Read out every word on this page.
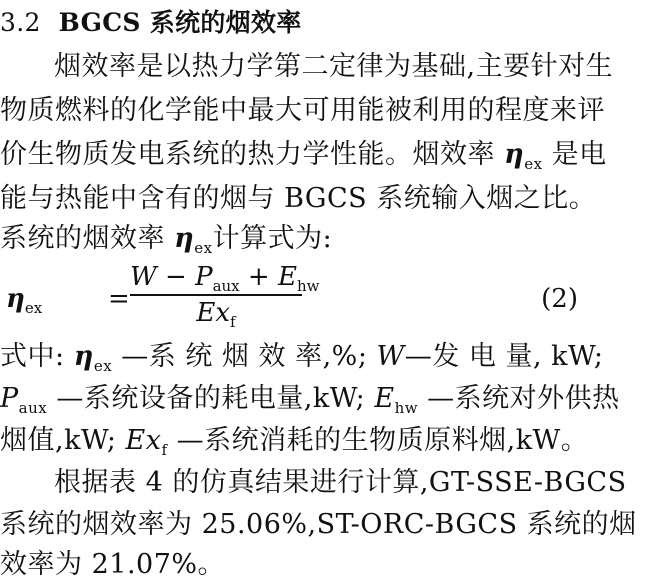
3.2 BGCS 系统的烟效率
烟效率是以热力学第二定律为基础,主要针对生
物质燃料的化学能中最大可用能被利用的程度来评
价生物质发电系统的热力学性能。烟效率 $\eta_{ex}$ 是电
能与热能中含有的烟与 BGCS 系统输入烟之比。
系统的烟效率 $\eta_{ex}$计算式为:
$\eta_{ex}$	=
$W - P_{aux} + E_{hw}$
$Ex_f$
(2)
式中: $\eta_{ex}$ —系 统 烟 效 率,%; W—发 电 量, kW;
$P_{aux}$ —系统设备的耗电量,kW; $E_{hw}$ —系统对外供热
烟值,kW; $Ex_f$ —系统消耗的生物质原料烟,kW。
根据表 4 的仿真结果进行计算,GT-SSE-BGCS
系统的烟效率为 25.06%,ST-ORC-BGCS 系统的烟
效率为 21.07%。
